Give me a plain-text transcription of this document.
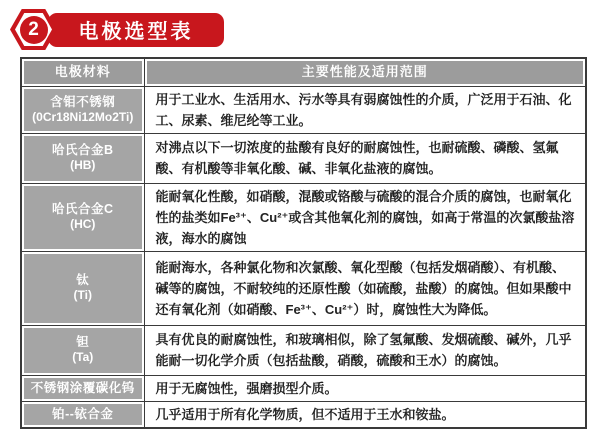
2	电极选型表
电极材料	主要性能及适用范围

含钼不锈钢
(0Cr18Ni12Mo2Ti)	用于工业水、生活用水、污水等具有弱腐蚀性的介质，广泛用于石油、化工、尿素、维尼纶等工业。

哈氏合金B
(HB)	对沸点以下一切浓度的盐酸有良好的耐腐蚀性，也耐硫酸、磷酸、氢氟酸、有机酸等非氧化酸、碱、非氧化盐液的腐蚀。

哈氏合金C
(HC)	能耐氧化性酸，如硝酸，混酸或铬酸与硫酸的混合介质的腐蚀，也耐氧化性的盐类如Fe³⁺、Cu²⁺或含其他氧化剂的腐蚀，如高于常温的次氯酸盐溶液，海水的腐蚀

钛
(Ti)	能耐海水，各种氯化物和次氯酸、氧化型酸（包括发烟硝酸）、有机酸、碱等的腐蚀，不耐较纯的还原性酸（如硫酸，盐酸）的腐蚀。但如果酸中还有氧化剂（如硝酸、Fe³⁺、Cu²⁺）时，腐蚀性大为降低。

钽
(Ta)	具有优良的耐腐蚀性，和玻璃相似，除了氢氟酸、发烟硫酸、碱外，几乎能耐一切化学介质（包括盐酸，硝酸，硫酸和王水）的腐蚀。

不锈钢涂覆碳化钨	用于无腐蚀性，强磨损型介质。

铂--铱合金	几乎适用于所有化学物质，但不适用于王水和铵盐。
